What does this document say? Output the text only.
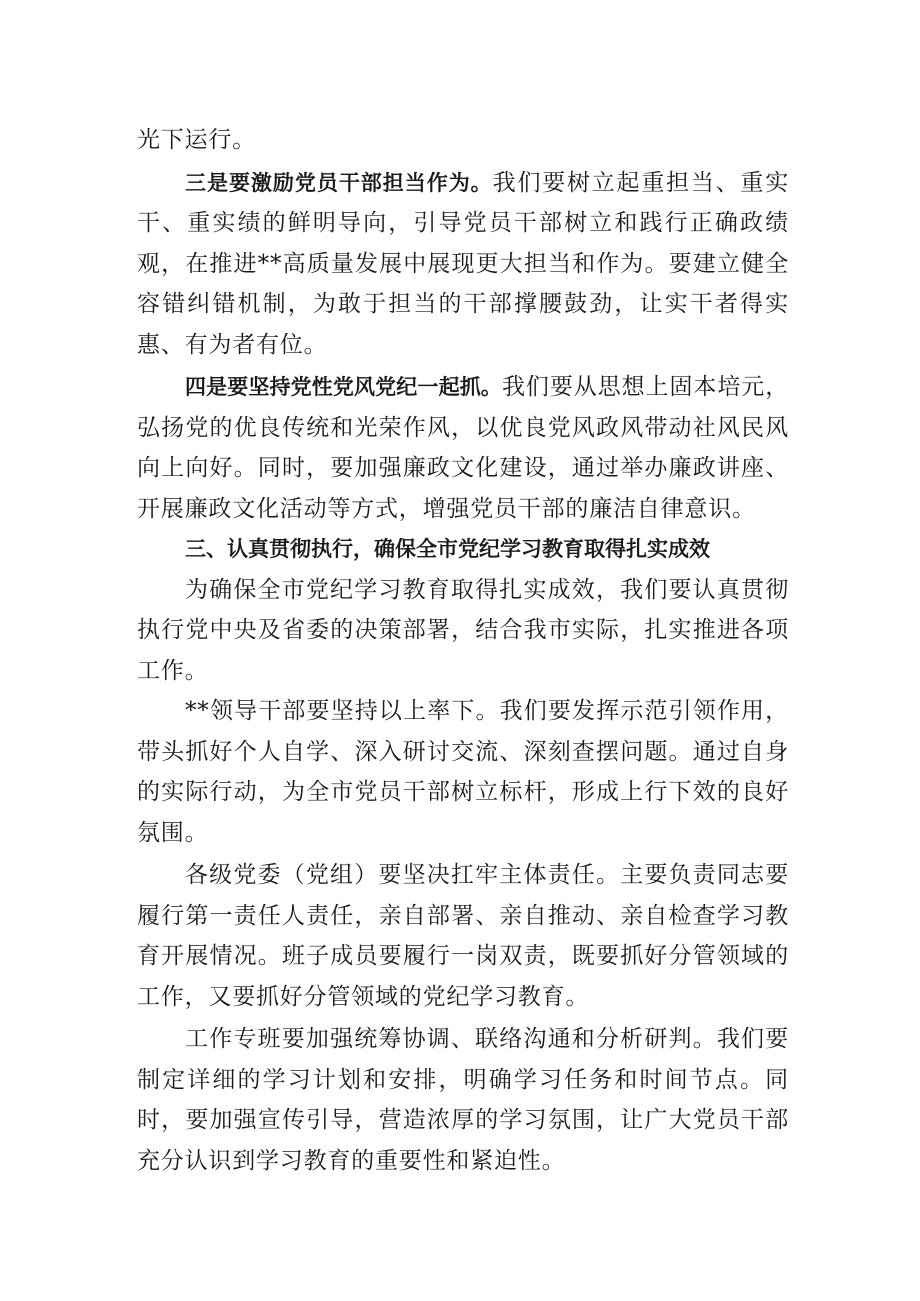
光下运行。

三是要激励党员干部担当作为。我们要树立起重担当、重实干、重实绩的鲜明导向，引导党员干部树立和践行正确政绩观，在推进**高质量发展中展现更大担当和作为。要建立健全容错纠错机制，为敢于担当的干部撑腰鼓劲，让实干者得实惠、有为者有位。

四是要坚持党性党风党纪一起抓。我们要从思想上固本培元，弘扬党的优良传统和光荣作风，以优良党风政风带动社风民风向上向好。同时，要加强廉政文化建设，通过举办廉政讲座、开展廉政文化活动等方式，增强党员干部的廉洁自律意识。

三、认真贯彻执行，确保全市党纪学习教育取得扎实成效

为确保全市党纪学习教育取得扎实成效，我们要认真贯彻执行党中央及省委的决策部署，结合我市实际，扎实推进各项工作。

**领导干部要坚持以上率下。我们要发挥示范引领作用，带头抓好个人自学、深入研讨交流、深刻查摆问题。通过自身的实际行动，为全市党员干部树立标杆，形成上行下效的良好氛围。

各级党委（党组）要坚决扛牢主体责任。主要负责同志要履行第一责任人责任，亲自部署、亲自推动、亲自检查学习教育开展情况。班子成员要履行一岗双责，既要抓好分管领域的工作，又要抓好分管领域的党纪学习教育。

工作专班要加强统筹协调、联络沟通和分析研判。我们要制定详细的学习计划和安排，明确学习任务和时间节点。同时，要加强宣传引导，营造浓厚的学习氛围，让广大党员干部充分认识到学习教育的重要性和紧迫性。
